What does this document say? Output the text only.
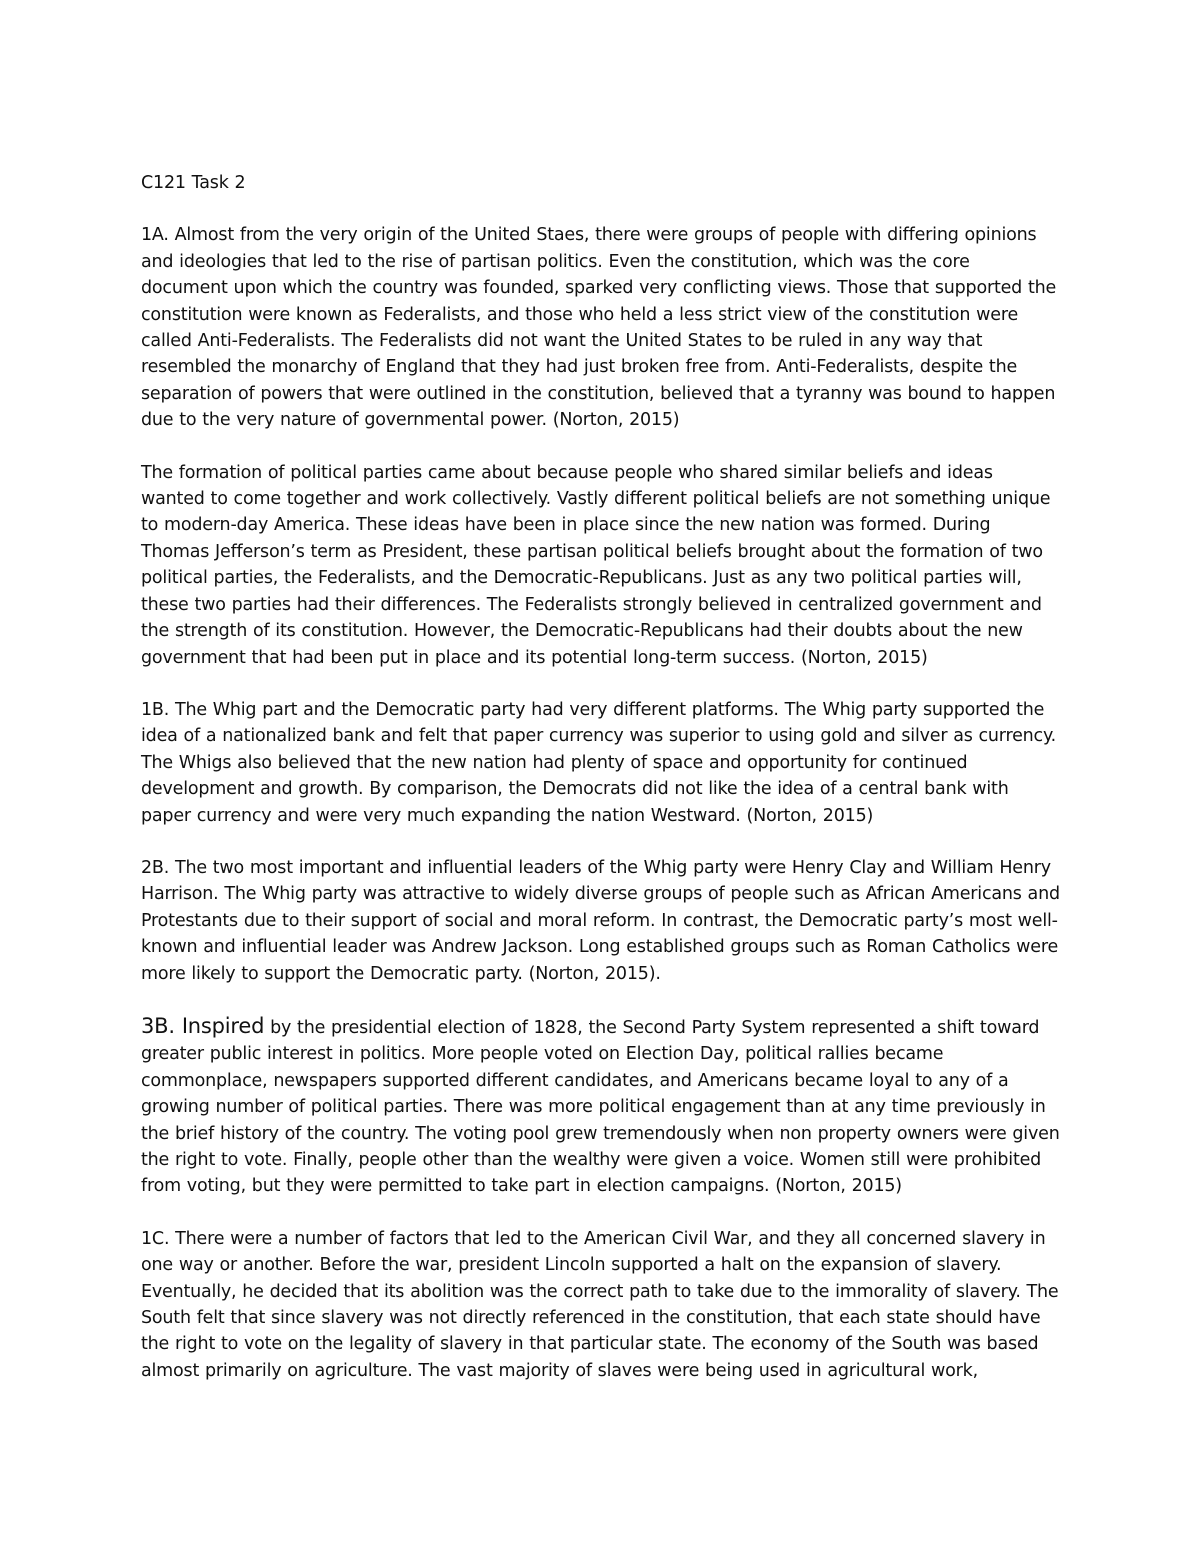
C121 Task 2

1A. Almost from the very origin of the United Staes, there were groups of people with differing opinions and ideologies that led to the rise of partisan politics. Even the constitution, which was the core document upon which the country was founded, sparked very conflicting views. Those that supported the constitution were known as Federalists, and those who held a less strict view of the constitution were called Anti-Federalists. The Federalists did not want the United States to be ruled in any way that resembled the monarchy of England that they had just broken free from. Anti-Federalists, despite the separation of powers that were outlined in the constitution, believed that a tyranny was bound to happen due to the very nature of governmental power. (Norton, 2015)

The formation of political parties came about because people who shared similar beliefs and ideas wanted to come together and work collectively. Vastly different political beliefs are not something unique to modern-day America. These ideas have been in place since the new nation was formed. During Thomas Jefferson’s term as President, these partisan political beliefs brought about the formation of two political parties, the Federalists, and the Democratic-Republicans. Just as any two political parties will, these two parties had their differences. The Federalists strongly believed in centralized government and the strength of its constitution. However, the Democratic-Republicans had their doubts about the new government that had been put in place and its potential long-term success. (Norton, 2015)

1B. The Whig part and the Democratic party had very different platforms. The Whig party supported the idea of a nationalized bank and felt that paper currency was superior to using gold and silver as currency. The Whigs also believed that the new nation had plenty of space and opportunity for continued development and growth. By comparison, the Democrats did not like the idea of a central bank with paper currency and were very much expanding the nation Westward. (Norton, 2015)

2B. The two most important and influential leaders of the Whig party were Henry Clay and William Henry Harrison. The Whig party was attractive to widely diverse groups of people such as African Americans and Protestants due to their support of social and moral reform. In contrast, the Democratic party’s most well-known and influential leader was Andrew Jackson. Long established groups such as Roman Catholics were more likely to support the Democratic party. (Norton, 2015).

3B. Inspired by the presidential election of 1828, the Second Party System represented a shift toward greater public interest in politics. More people voted on Election Day, political rallies became commonplace, newspapers supported different candidates, and Americans became loyal to any of a growing number of political parties. There was more political engagement than at any time previously in the brief history of the country. The voting pool grew tremendously when non property owners were given the right to vote. Finally, people other than the wealthy were given a voice. Women still were prohibited from voting, but they were permitted to take part in election campaigns. (Norton, 2015)

1C. There were a number of factors that led to the American Civil War, and they all concerned slavery in one way or another. Before the war, president Lincoln supported a halt on the expansion of slavery. Eventually, he decided that its abolition was the correct path to take due to the immorality of slavery. The South felt that since slavery was not directly referenced in the constitution, that each state should have the right to vote on the legality of slavery in that particular state. The economy of the South was based almost primarily on agriculture. The vast majority of slaves were being used in agricultural work,
